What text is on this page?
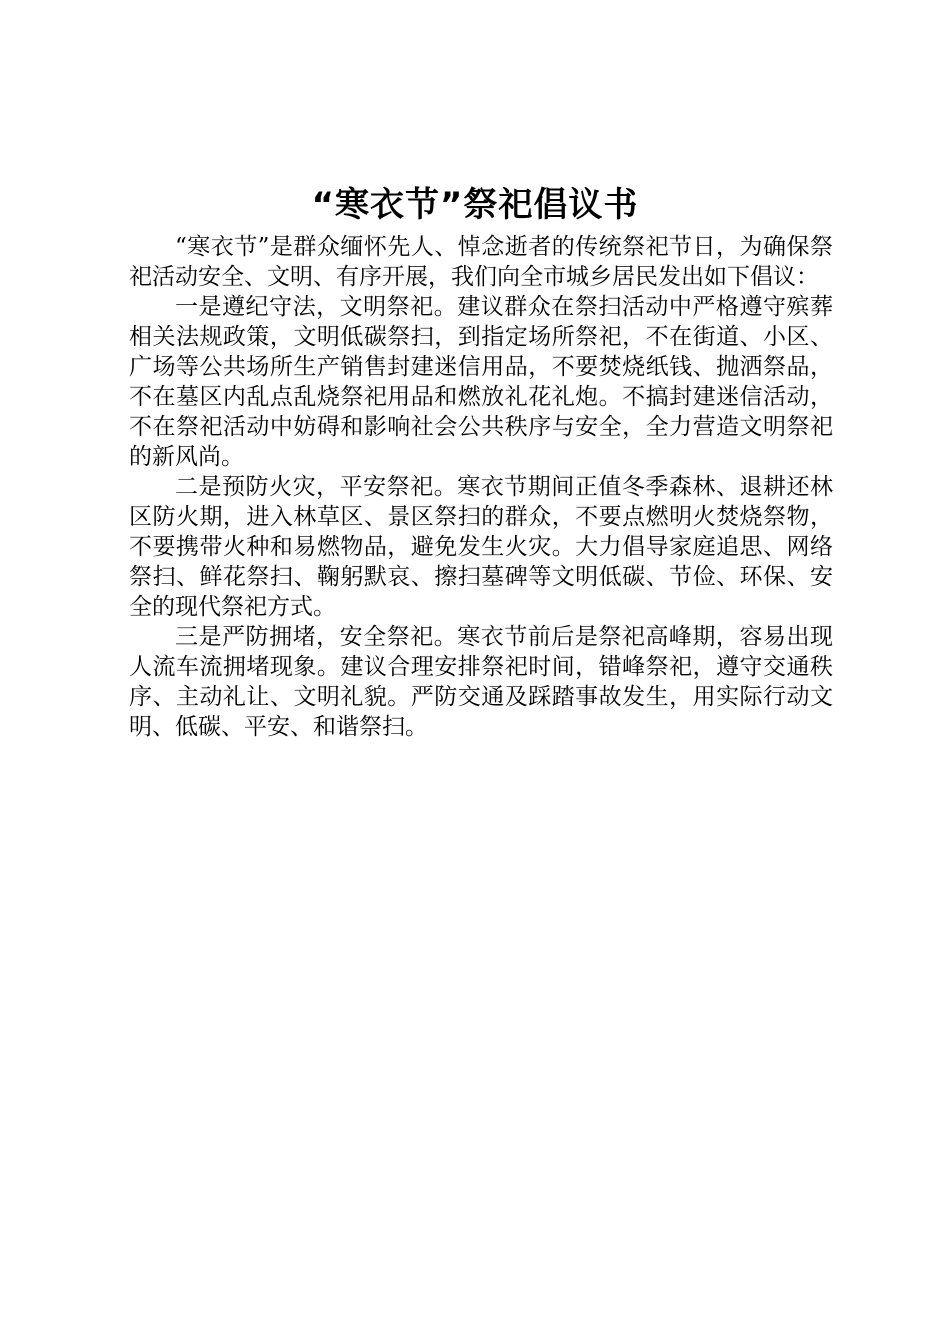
“寒衣节”祭祀倡议书

“寒衣节”是群众缅怀先人、悼念逝者的传统祭祀节日，为确保祭祀活动安全、文明、有序开展，我们向全市城乡居民发出如下倡议：

一是遵纪守法，文明祭祀。建议群众在祭扫活动中严格遵守殡葬相关法规政策，文明低碳祭扫，到指定场所祭祀，不在街道、小区、广场等公共场所生产销售封建迷信用品，不要焚烧纸钱、抛洒祭品，不在墓区内乱点乱烧祭祀用品和燃放礼花礼炮。不搞封建迷信活动，不在祭祀活动中妨碍和影响社会公共秩序与安全，全力营造文明祭祀的新风尚。

二是预防火灾，平安祭祀。寒衣节期间正值冬季森林、退耕还林区防火期，进入林草区、景区祭扫的群众，不要点燃明火焚烧祭物，不要携带火种和易燃物品，避免发生火灾。大力倡导家庭追思、网络祭扫、鲜花祭扫、鞠躬默哀、擦扫墓碑等文明低碳、节俭、环保、安全的现代祭祀方式。

三是严防拥堵，安全祭祀。寒衣节前后是祭祀高峰期，容易出现人流车流拥堵现象。建议合理安排祭祀时间，错峰祭祀，遵守交通秩序、主动礼让、文明礼貌。严防交通及踩踏事故发生，用实际行动文明、低碳、平安、和谐祭扫。
